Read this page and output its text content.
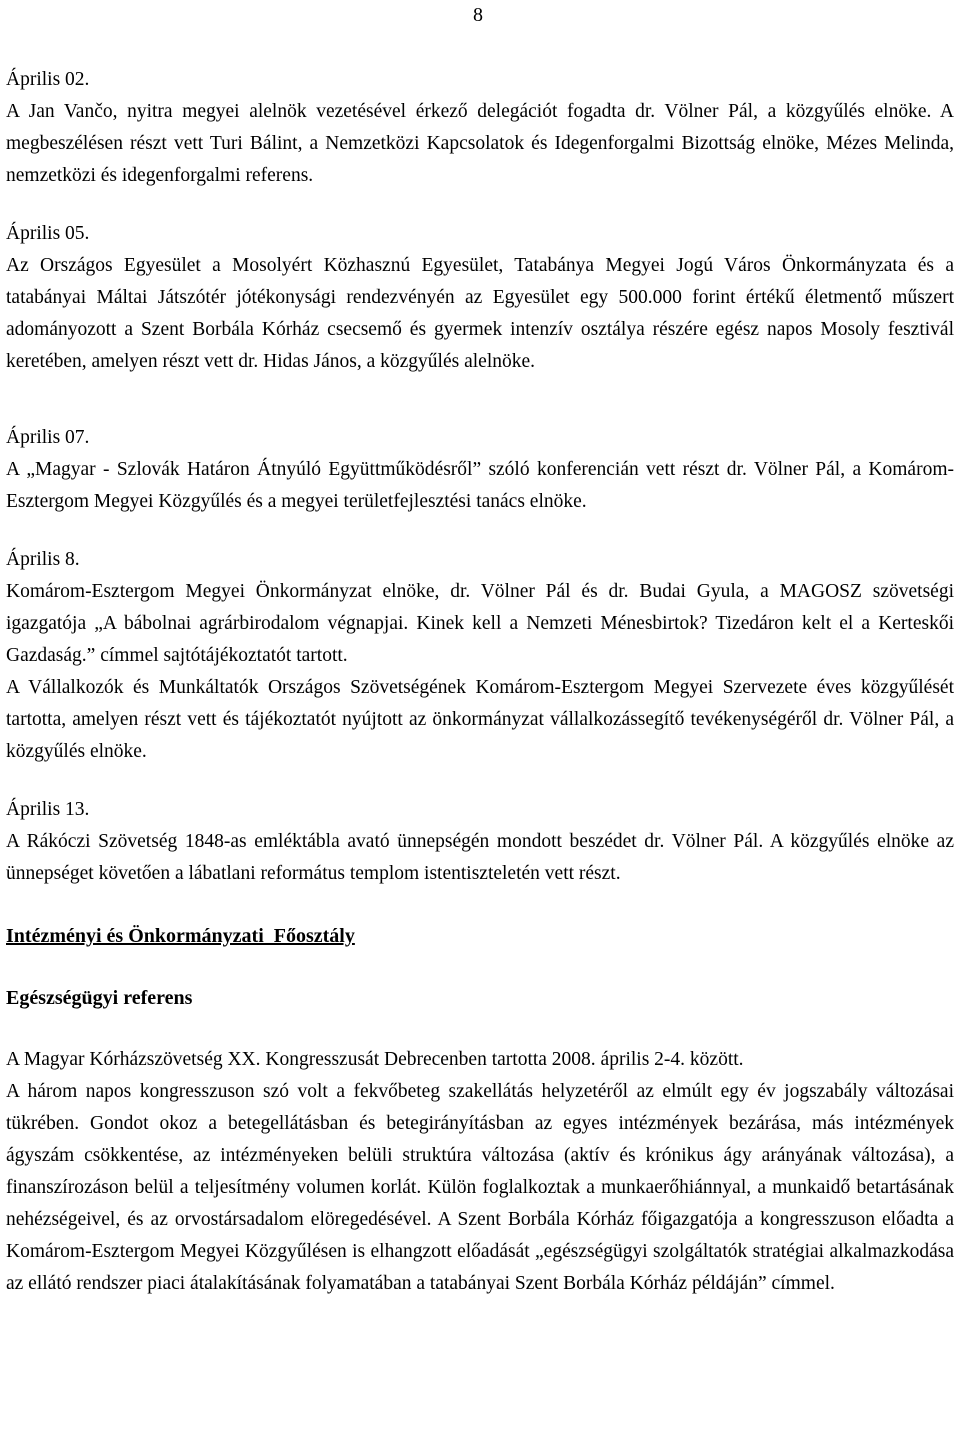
8

Április 02.

A Jan Vančo, nyitra megyei alelnök vezetésével érkező delegációt fogadta dr. Völner Pál, a közgyűlés elnöke. A megbeszélésen részt vett Turi Bálint, a Nemzetközi Kapcsolatok és Idegenforgalmi Bizottság elnöke, Mézes Melinda, nemzetközi és idegenforgalmi referens.

Április 05.

Az Országos Egyesület a Mosolyért Közhasznú Egyesület, Tatabánya Megyei Jogú Város Önkormányzata és a tatabányai Máltai Játszótér jótékonysági rendezvényén az Egyesület egy 500.000 forint értékű életmentő műszert adományozott a Szent Borbála Kórház csecsemő és gyermek intenzív osztálya részére egész napos Mosoly fesztivál keretében, amelyen részt vett dr. Hidas János, a közgyűlés alelnöke.

Április 07.

A „Magyar - Szlovák Határon Átnyúló Együttműködésről” szóló konferencián vett részt dr. Völner Pál, a Komárom-Esztergom Megyei Közgyűlés és a megyei területfejlesztési tanács elnöke.

Április 8.

Komárom-Esztergom Megyei Önkormányzat elnöke, dr. Völner Pál és dr. Budai Gyula, a MAGOSZ szövetségi igazgatója „A bábolnai agrárbirodalom végnapjai. Kinek kell a Nemzeti Ménesbirtok? Tizedáron kelt el a Kerteskői Gazdaság.” címmel sajtótájékoztatót tartott.

A Vállalkozók és Munkáltatók Országos Szövetségének Komárom-Esztergom Megyei Szervezete éves közgyűlését tartotta, amelyen részt vett és tájékoztatót nyújtott az önkormányzat vállalkozássegítő tevékenységéről dr. Völner Pál, a közgyűlés elnöke.

Április 13.

A Rákóczi Szövetség 1848-as emléktábla avató ünnepségén mondott beszédet dr. Völner Pál. A közgyűlés elnöke az ünnepséget követően a lábatlani református templom istentiszteletén vett részt.

Intézményi és Önkormányzati  Főosztály

Egészségügyi referens

A Magyar Kórházszövetség XX. Kongresszusát Debrecenben tartotta 2008. április 2-4. között.

A három napos kongresszuson szó volt a fekvőbeteg szakellátás helyzetéről az elmúlt egy év jogszabály változásai tükrében. Gondot okoz a betegellátásban és betegirányításban az egyes intézmények bezárása, más intézmények ágyszám csökkentése, az intézményeken belüli struktúra változása (aktív és krónikus ágy arányának változása), a finanszírozáson belül a teljesítmény volumen korlát. Külön foglalkoztak a munkaerőhiánnyal, a munkaidő betartásának nehézségeivel, és az orvostársadalom elöregedésével. A Szent Borbála Kórház főigazgatója a kongresszuson előadta a Komárom-Esztergom Megyei Közgyűlésen is elhangzott előadását „egészségügyi szolgáltatók stratégiai alkalmazkodása az ellátó rendszer piaci átalakításának folyamatában a tatabányai Szent Borbála Kórház példáján” címmel.
